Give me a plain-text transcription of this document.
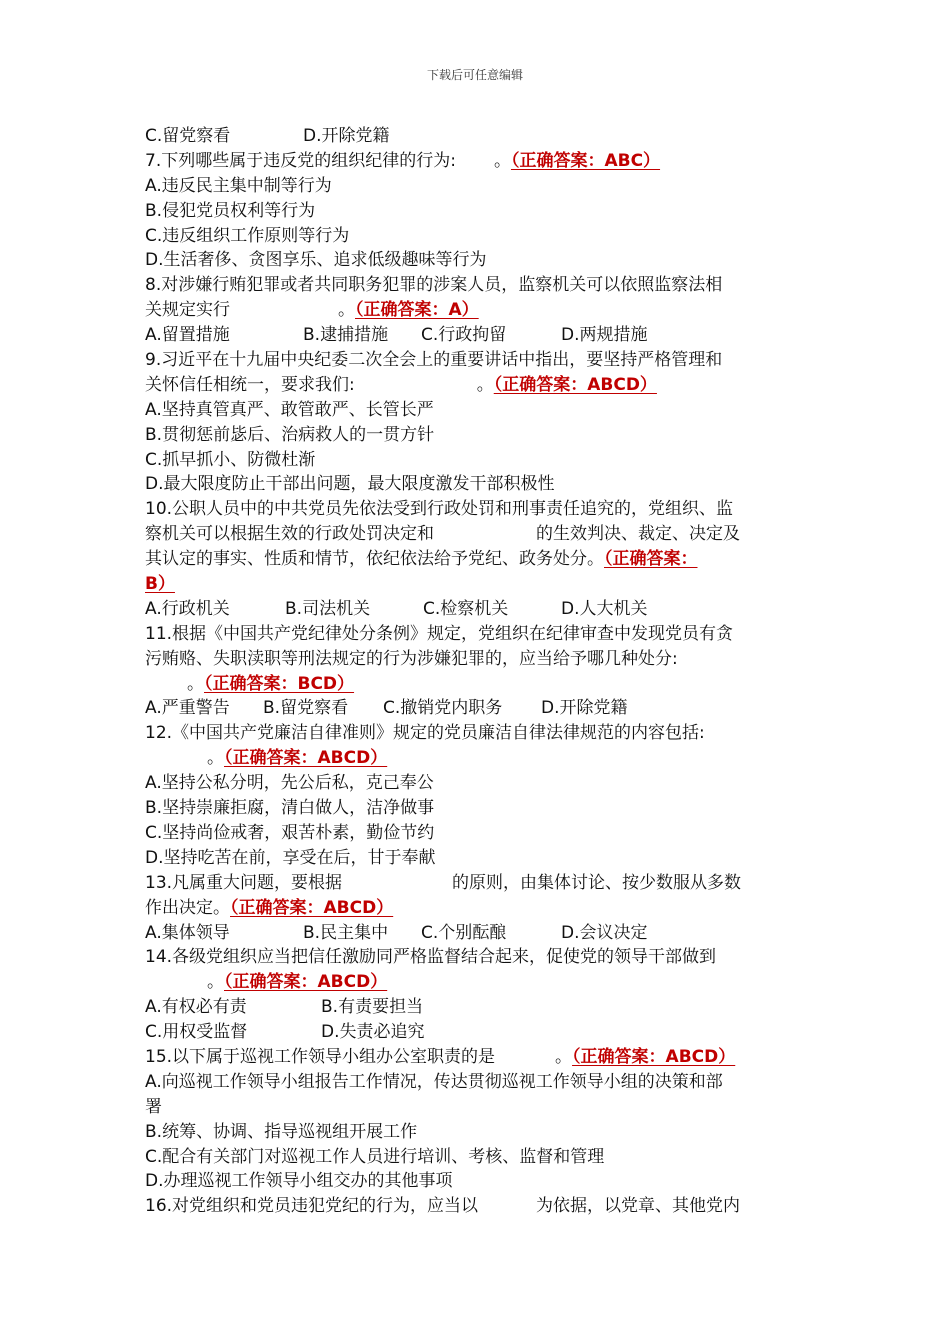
下载后可任意编辑
C.留党察看	D.开除党籍
7.下列哪些属于违反党的组织纪律的行为: 。（正确答案：ABC）
A.违反民主集中制等行为
B.侵犯党员权利等行为
C.违反组织工作原则等行为
D.生活奢侈、贪图享乐、追求低级趣味等行为
8.对涉嫌行贿犯罪或者共同职务犯罪的涉案人员，监察机关可以依照监察法相
关规定实行	。（正确答案：A）
A.留置措施	B.逮捕措施 C.行政拘留	D.两规措施
9.习近平在十九届中央纪委二次全会上的重要讲话中指出，要坚持严格管理和
关怀信任相统一，要求我们:	。（正确答案：ABCD）
A.坚持真管真严、敢管敢严、长管长严
B.贯彻惩前毖后、治病救人的一贯方针
C.抓早抓小、防微杜渐
D.最大限度防止干部出问题，最大限度激发干部积极性
10.公职人员中的中共党员先依法受到行政处罚和刑事责任追究的，党组织、监
察机关可以根据生效的行政处罚决定和	的生效判决、裁定、决定及
其认定的事实、性质和情节，依纪依法给予党纪、政务处分。（正确答案：
B）
A.行政机关	B.司法机关	C.检察机关	D.人大机关
11.根据《中国共产党纪律处分条例》规定，党组织在纪律审查中发现党员有贪
污贿赂、失职渎职等刑法规定的行为涉嫌犯罪的，应当给予哪几种处分:
。（正确答案：BCD）
A.严重警告 B.留党察看 C.撤销党内职务 D.开除党籍
12.《中国共产党廉洁自律准则》规定的党员廉洁自律法律规范的内容包括:
。（正确答案：ABCD）
A.坚持公私分明，先公后私，克己奉公
B.坚持崇廉拒腐，清白做人，洁净做事
C.坚持尚俭戒奢，艰苦朴素，勤俭节约
D.坚持吃苦在前，享受在后，甘于奉献
13.凡属重大问题，要根据	的原则，由集体讨论、按少数服从多数
作出决定。（正确答案：ABCD）
A.集体领导	B.民主集中 C.个别酝酿	D.会议决定
14.各级党组织应当把信任激励同严格监督结合起来，促使党的领导干部做到
。（正确答案：ABCD）
A.有权必有责	B.有责要担当
C.用权受监督	D.失责必追究
15.以下属于巡视工作领导小组办公室职责的是	。（正确答案：ABCD）
A.向巡视工作领导小组报告工作情况，传达贯彻巡视工作领导小组的决策和部
署
B.统筹、协调、指导巡视组开展工作
C.配合有关部门对巡视工作人员进行培训、考核、监督和管理
D.办理巡视工作领导小组交办的其他事项
16.对党组织和党员违犯党纪的行为，应当以	为依据，以党章、其他党内
